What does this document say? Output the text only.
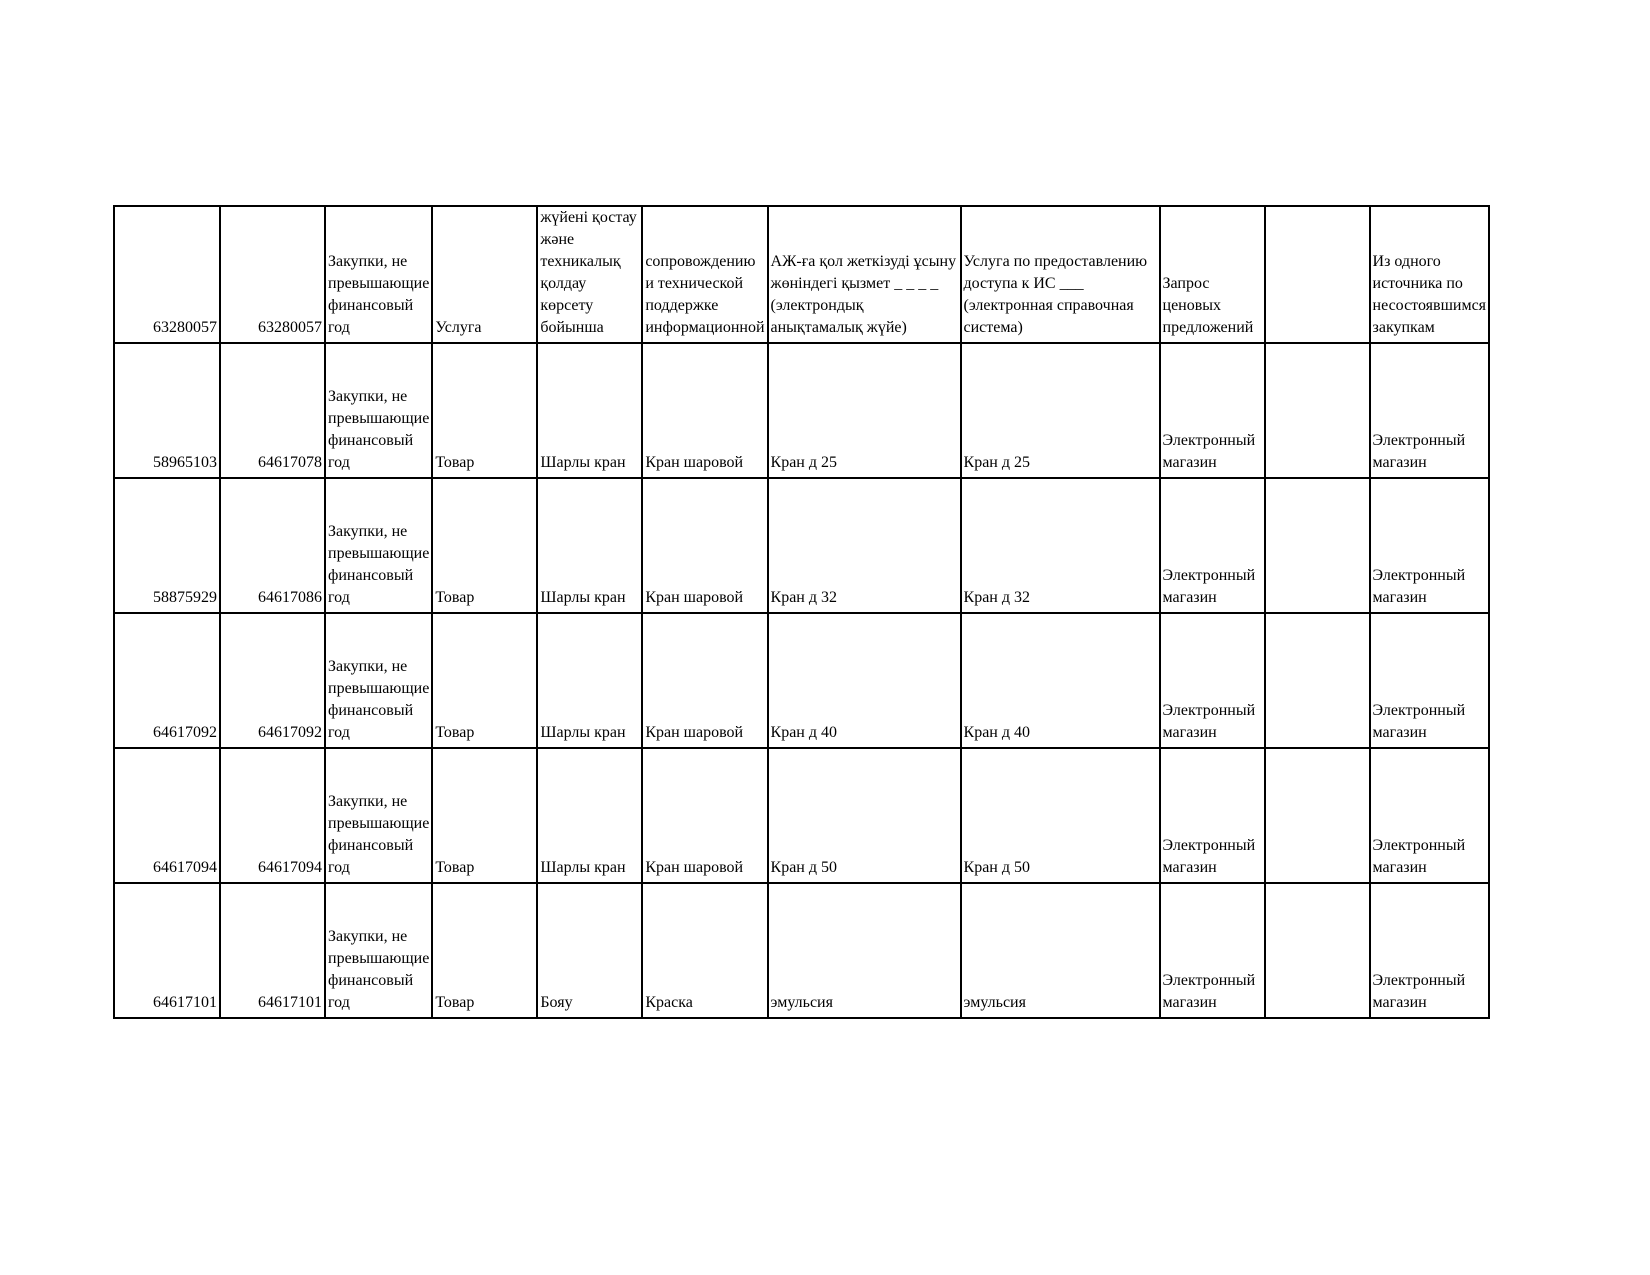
63280057	63280057	Закупки, не превышающие финансовый год	Услуга	жүйені қостау және техникалық қолдау көрсету бойынша	сопровождению и технической поддержке информационной	АЖ-ға қол жеткізуді ұсыну жөніндегі қызмет _ _ _ _ (электрондық анықтамалық жүйе)	Услуга по предоставлению доступа к ИС ___ (электронная справочная система)	Запрос ценовых предложений		Из одного источника по несостоявшимся закупкам
58965103	64617078	Закупки, не превышающие финансовый год	Товар	Шарлы кран	Кран шаровой	Кран д 25	Кран д 25	Электронный магазин		Электронный магазин
58875929	64617086	Закупки, не превышающие финансовый год	Товар	Шарлы кран	Кран шаровой	Кран д 32	Кран д 32	Электронный магазин		Электронный магазин
64617092	64617092	Закупки, не превышающие финансовый год	Товар	Шарлы кран	Кран шаровой	Кран д 40	Кран д 40	Электронный магазин		Электронный магазин
64617094	64617094	Закупки, не превышающие финансовый год	Товар	Шарлы кран	Кран шаровой	Кран д 50	Кран д 50	Электронный магазин		Электронный магазин
64617101	64617101	Закупки, не превышающие финансовый год	Товар	Бояу	Краска	эмульсия	эмульсия	Электронный магазин		Электронный магазин
